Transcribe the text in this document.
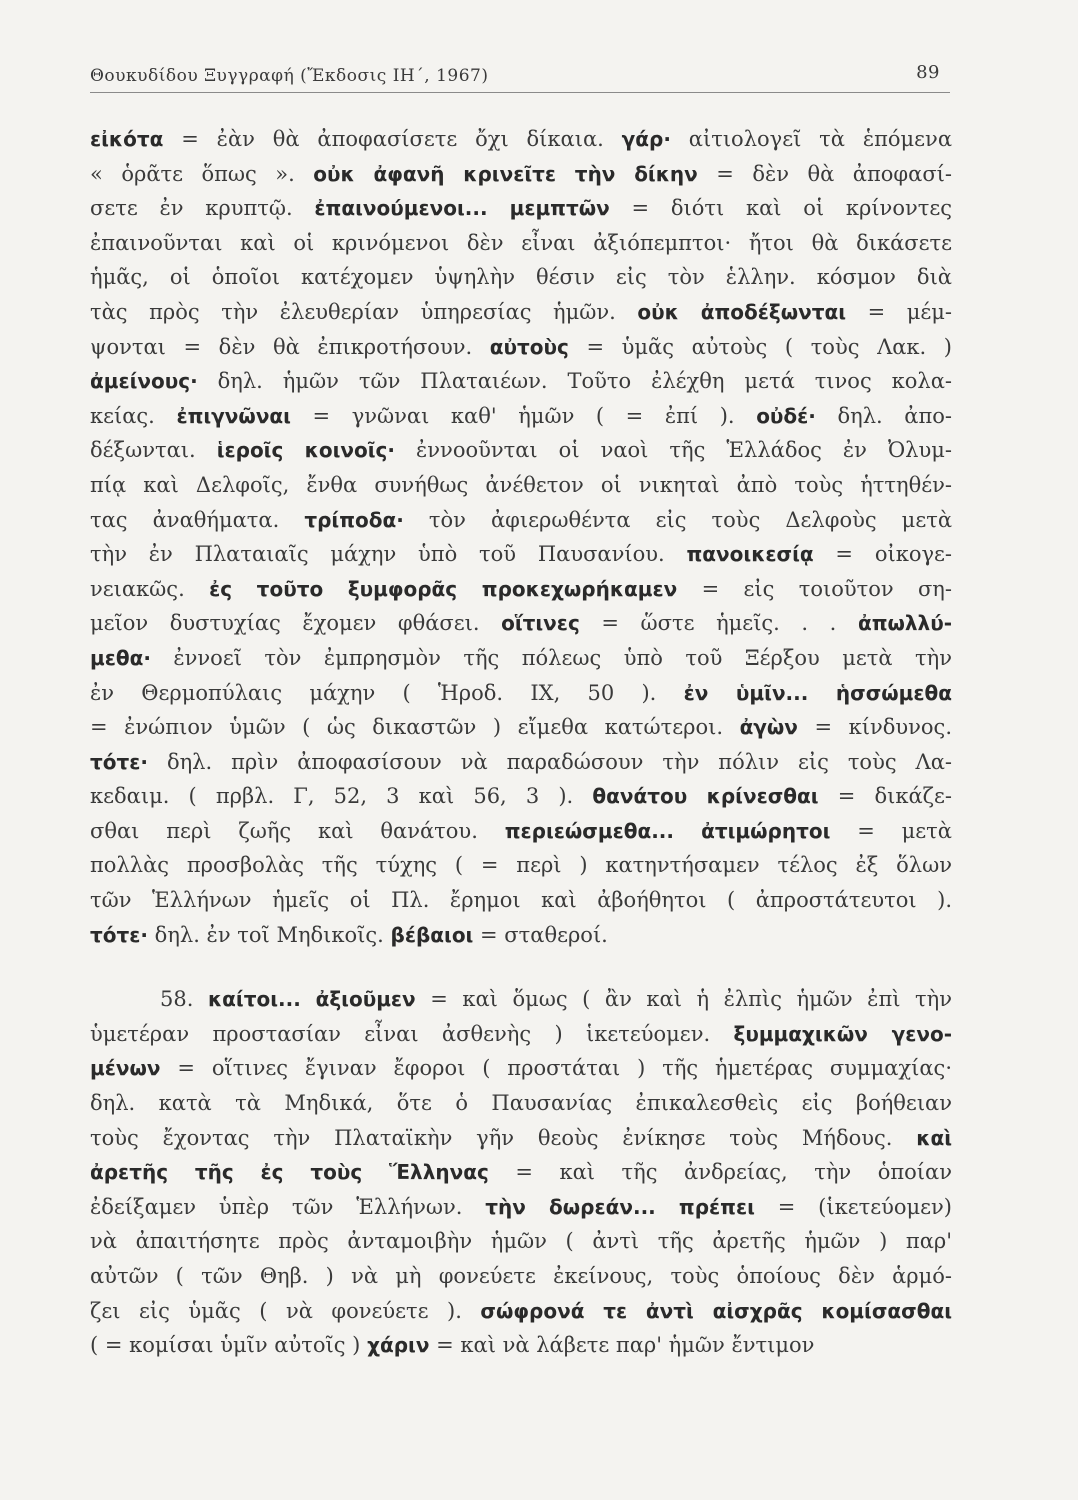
Θουκυδίδου Ξυγγραφή (Ἔκδοσις ΙΗ΄, 1967)	89
εἰκότα = ἐὰν θὰ ἀποφασίσετε ὄχι δίκαια. γάρ· αἰτιολογεῖ τὰ ἑπόμενα
« ὁρᾶτε ὅπως ». οὐκ ἀφανῆ κρινεῖτε τὴν δίκην = δὲν θὰ ἀποφασί-
σετε ἐν κρυπτῷ. ἐπαινούμενοι... μεμπτῶν = διότι καὶ οἱ κρίνοντες
ἐπαινοῦνται καὶ οἱ κρινόμενοι δὲν εἶναι ἀξιόπεμπτοι· ἤτοι θὰ δικάσετε
ἡμᾶς, οἱ ὁποῖοι κατέχομεν ὑψηλὴν θέσιν εἰς τὸν ἑλλην. κόσμον διὰ
τὰς πρὸς τὴν ἐλευθερίαν ὑπηρεσίας ἡμῶν. οὐκ ἀποδέξωνται = μέμ-
ψονται = δὲν θὰ ἐπικροτήσουν. αὐτοὺς = ὑμᾶς αὐτοὺς ( τοὺς Λακ. )
ἀμείνους· δηλ. ἡμῶν τῶν Πλαταιέων. Τοῦτο ἐλέχθη μετά τινος κολα-
κείας. ἐπιγνῶναι = γνῶναι καθ' ἡμῶν ( = ἐπί ). οὐδέ· δηλ. ἀπο-
δέξωνται. ἱεροῖς κοινοῖς· ἐννοοῦνται οἱ ναοὶ τῆς Ἑλλάδος ἐν Ὀλυμ-
πίᾳ καὶ Δελφοῖς, ἔνθα συνήθως ἀνέθετον οἱ νικηταὶ ἀπὸ τοὺς ἡττηθέν-
τας ἀναθήματα. τρίποδα· τὸν ἀφιερωθέντα εἰς τοὺς Δελφοὺς μετὰ
τὴν ἐν Πλαταιαῖς μάχην ὑπὸ τοῦ Παυσανίου. πανοικεσίᾳ = οἰκογε-
νειακῶς. ἐς τοῦτο ξυμφορᾶς προκεχωρήκαμεν = εἰς τοιοῦτον ση-
μεῖον δυστυχίας ἔχομεν φθάσει. οἵτινες = ὥστε ἡμεῖς. . . ἀπωλλύ-
μεθα· ἐννοεῖ τὸν ἐμπρησμὸν τῆς πόλεως ὑπὸ τοῦ Ξέρξου μετὰ τὴν
ἐν Θερμοπύλαις μάχην ( Ἡροδ. IX, 50 ). ἐν ὑμῖν... ἡσσώμεθα
= ἐνώπιον ὑμῶν ( ὡς δικαστῶν ) εἴμεθα κατώτεροι. ἀγὼν = κίνδυνος.
τότε· δηλ. πρὶν ἀποφασίσουν νὰ παραδώσουν τὴν πόλιν εἰς τοὺς Λα-
κεδαιμ. ( πρβλ. Γ, 52, 3 καὶ 56, 3 ). θανάτου κρίνεσθαι = δικάζε-
σθαι περὶ ζωῆς καὶ θανάτου. περιεώσμεθα... ἀτιμώρητοι = μετὰ
πολλὰς προσβολὰς τῆς τύχης ( = περὶ ) κατηντήσαμεν τέλος ἐξ ὅλων
τῶν Ἑλλήνων ἡμεῖς οἱ Πλ. ἔρημοι καὶ ἀβοήθητοι ( ἀπροστάτευτοι ).
τότε· δηλ. ἐν τοῖ Μηδικοῖς. βέβαιοι = σταθεροί.
58. καίτοι... ἀξιοῦμεν = καὶ ὅμως ( ἂν καὶ ἡ ἐλπὶς ἡμῶν ἐπὶ τὴν
ὑμετέραν προστασίαν εἶναι ἀσθενὴς ) ἱκετεύομεν. ξυμμαχικῶν γενο-
μένων = οἵτινες ἔγιναν ἔφοροι ( προστάται ) τῆς ἡμετέρας συμμαχίας·
δηλ. κατὰ τὰ Μηδικά, ὅτε ὁ Παυσανίας ἐπικαλεσθεὶς εἰς βοήθειαν
τοὺς ἔχοντας τὴν Πλαταϊκὴν γῆν θεοὺς ἐνίκησε τοὺς Μήδους. καὶ
ἀρετῆς τῆς ἐς τοὺς Ἕλληνας = καὶ τῆς ἀνδρείας, τὴν ὁποίαν
ἐδείξαμεν ὑπὲρ τῶν Ἑλλήνων. τὴν δωρεάν... πρέπει = (ἱκετεύομεν)
νὰ ἀπαιτήσητε πρὸς ἀνταμοιβὴν ἡμῶν ( ἀντὶ τῆς ἀρετῆς ἡμῶν ) παρ'
αὐτῶν ( τῶν Θηβ. ) νὰ μὴ φονεύετε ἐκείνους, τοὺς ὁποίους δὲν ἁρμό-
ζει εἰς ὑμᾶς ( νὰ φονεύετε ). σώφρονά τε ἀντὶ αἰσχρᾶς κομίσασθαι
( = κομίσαι ὑμῖν αὐτοῖς ) χάριν = καὶ νὰ λάβετε παρ' ἡμῶν ἔντιμον
